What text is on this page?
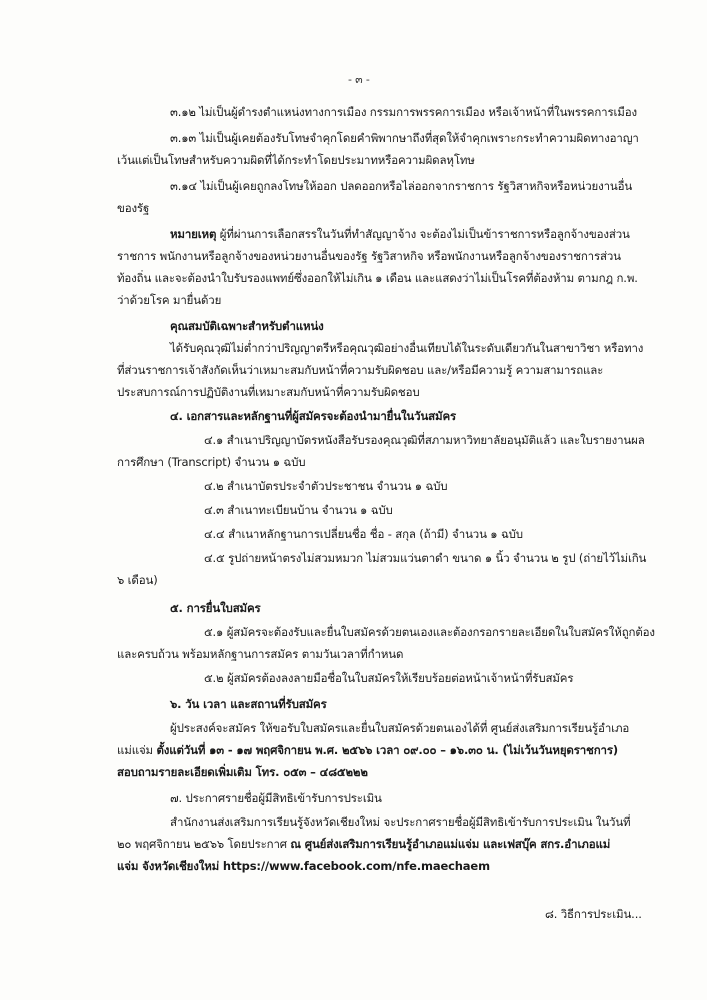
- ๓ -
๓.๑๒ ไม่เป็นผู้ดำรงตำแหน่งทางการเมือง กรรมการพรรคการเมือง หรือเจ้าหน้าที่ในพรรคการเมือง
๓.๑๓ ไม่เป็นผู้เคยต้องรับโทษจำคุกโดยคำพิพากษาถึงที่สุดให้จำคุกเพราะกระทำความผิดทางอาญา
เว้นแต่เป็นโทษสำหรับความผิดที่ได้กระทำโดยประมาทหรือความผิดลหุโทษ
๓.๑๔ ไม่เป็นผู้เคยถูกลงโทษให้ออก ปลดออกหรือไล่ออกจากราชการ รัฐวิสาหกิจหรือหน่วยงานอื่น
ของรัฐ
หมายเหตุ ผู้ที่ผ่านการเลือกสรรในวันที่ทำสัญญาจ้าง จะต้องไม่เป็นข้าราชการหรือลูกจ้างของส่วน
ราชการ พนักงานหรือลูกจ้างของหน่วยงานอื่นของรัฐ รัฐวิสาหกิจ หรือพนักงานหรือลูกจ้างของราชการส่วน
ท้องถิ่น และจะต้องนำใบรับรองแพทย์ซึ่งออกให้ไม่เกิน ๑ เดือน และแสดงว่าไม่เป็นโรคที่ต้องห้าม ตามกฎ ก.พ.
ว่าด้วยโรค มายื่นด้วย
คุณสมบัติเฉพาะสำหรับตำแหน่ง
ได้รับคุณวุฒิไม่ต่ำกว่าปริญญาตรีหรือคุณวุฒิอย่างอื่นเทียบได้ในระดับเดียวกันในสาขาวิชา หรือทาง
ที่ส่วนราชการเจ้าสังกัดเห็นว่าเหมาะสมกับหน้าที่ความรับผิดชอบ และ/หรือมีความรู้ ความสามารถและ
ประสบการณ์การปฏิบัติงานที่เหมาะสมกับหน้าที่ความรับผิดชอบ
๔. เอกสารและหลักฐานที่ผู้สมัครจะต้องนำมายื่นในวันสมัคร
๔.๑ สำเนาปริญญาบัตรหนังสือรับรองคุณวุฒิที่สภามหาวิทยาลัยอนุมัติแล้ว และใบรายงานผล
การศึกษา (Transcript) จำนวน ๑ ฉบับ
๔.๒ สำเนาบัตรประจำตัวประชาชน จำนวน ๑ ฉบับ
๔.๓ สำเนาทะเบียนบ้าน จำนวน ๑ ฉบับ
๔.๔ สำเนาหลักฐานการเปลี่ยนชื่อ ชื่อ - สกุล (ถ้ามี) จำนวน ๑ ฉบับ
๔.๕ รูปถ่ายหน้าตรงไม่สวมหมวก ไม่สวมแว่นตาดำ ขนาด ๑ นิ้ว จำนวน ๒ รูป (ถ่ายไว้ไม่เกิน
๖ เดือน)
๕. การยื่นใบสมัคร
๕.๑ ผู้สมัครจะต้องรับและยื่นใบสมัครด้วยตนเองและต้องกรอกรายละเอียดในใบสมัครให้ถูกต้อง
และครบถ้วน พร้อมหลักฐานการสมัคร ตามวันเวลาที่กำหนด
๕.๒ ผู้สมัครต้องลงลายมือชื่อในใบสมัครให้เรียบร้อยต่อหน้าเจ้าหน้าที่รับสมัคร
๖. วัน เวลา และสถานที่รับสมัคร
ผู้ประสงค์จะสมัคร ให้ขอรับใบสมัครและยื่นใบสมัครด้วยตนเองได้ที่ ศูนย์ส่งเสริมการเรียนรู้อำเภอ
แม่แจ่ม ตั้งแต่วันที่ ๑๓ - ๑๗ พฤศจิกายน พ.ศ. ๒๕๖๖ เวลา ๐๙.๐๐ – ๑๖.๓๐ น. (ไม่เว้นวันหยุดราชการ)
สอบถามรายละเอียดเพิ่มเติม โทร. ๐๕๓ – ๔๘๕๒๒๒
๗. ประกาศรายชื่อผู้มีสิทธิเข้ารับการประเมิน
สำนักงานส่งเสริมการเรียนรู้จังหวัดเชียงใหม่ จะประกาศรายชื่อผู้มีสิทธิเข้ารับการประเมิน ในวันที่
๒๐ พฤศจิกายน ๒๕๖๖ โดยประกาศ ณ ศูนย์ส่งเสริมการเรียนรู้อำเภอแม่แจ่ม และเฟสบุ๊ค สกร.อำเภอแม่
แจ่ม จังหวัดเชียงใหม่ https://www.facebook.com/nfe.maechaem
๘. วิธีการประเมิน...
